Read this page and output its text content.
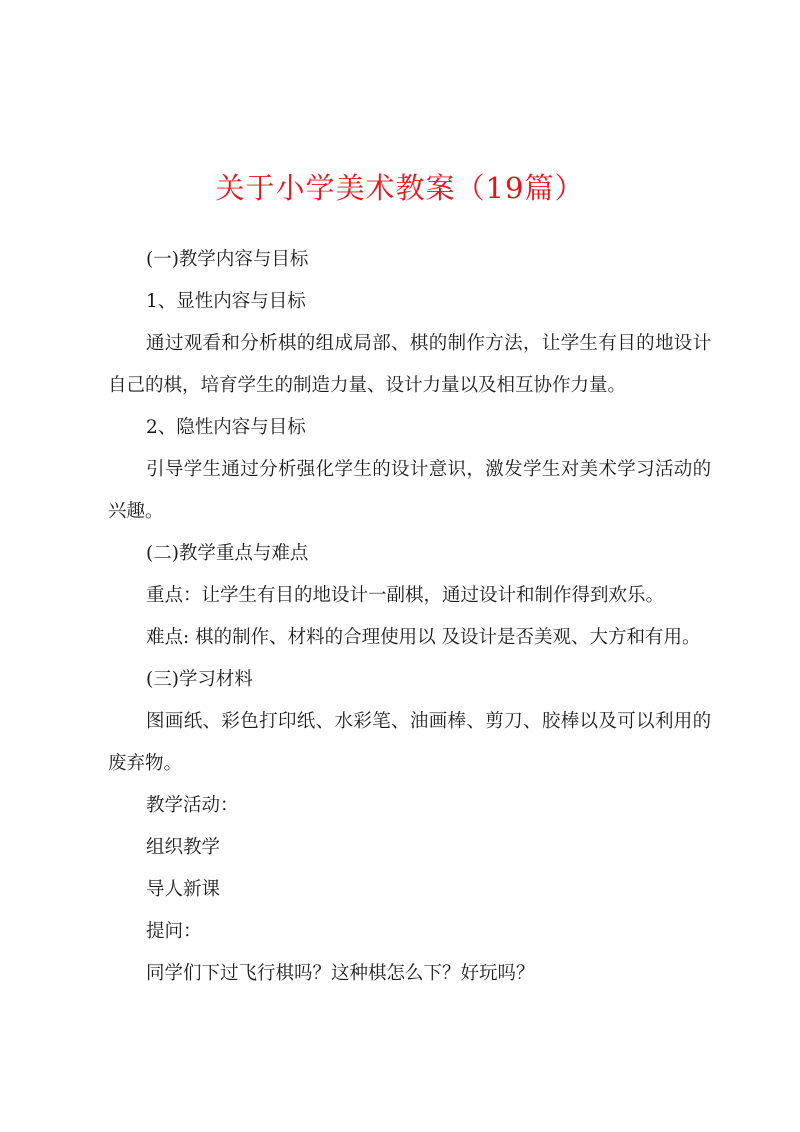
关于小学美术教案（19篇）
(一)教学内容与目标
1、显性内容与目标
通过观看和分析棋的组成局部、棋的制作方法，让学生有目的地设计
自己的棋，培育学生的制造力量、设计力量以及相互协作力量。
2、隐性内容与目标
引导学生通过分析强化学生的设计意识，激发学生对美术学习活动的
兴趣。
(二)教学重点与难点
重点：让学生有目的地设计一副棋，通过设计和制作得到欢乐。
难点: 棋的制作、材料的合理使用以 及设计是否美观、大方和有用。
(三)学习材料
图画纸、彩色打印纸、水彩笔、油画棒、剪刀、胶棒以及可以利用的
废弃物。
教学活动：
组织教学
导人新课
提问：
同学们下过飞行棋吗？这种棋怎么下？好玩吗？
